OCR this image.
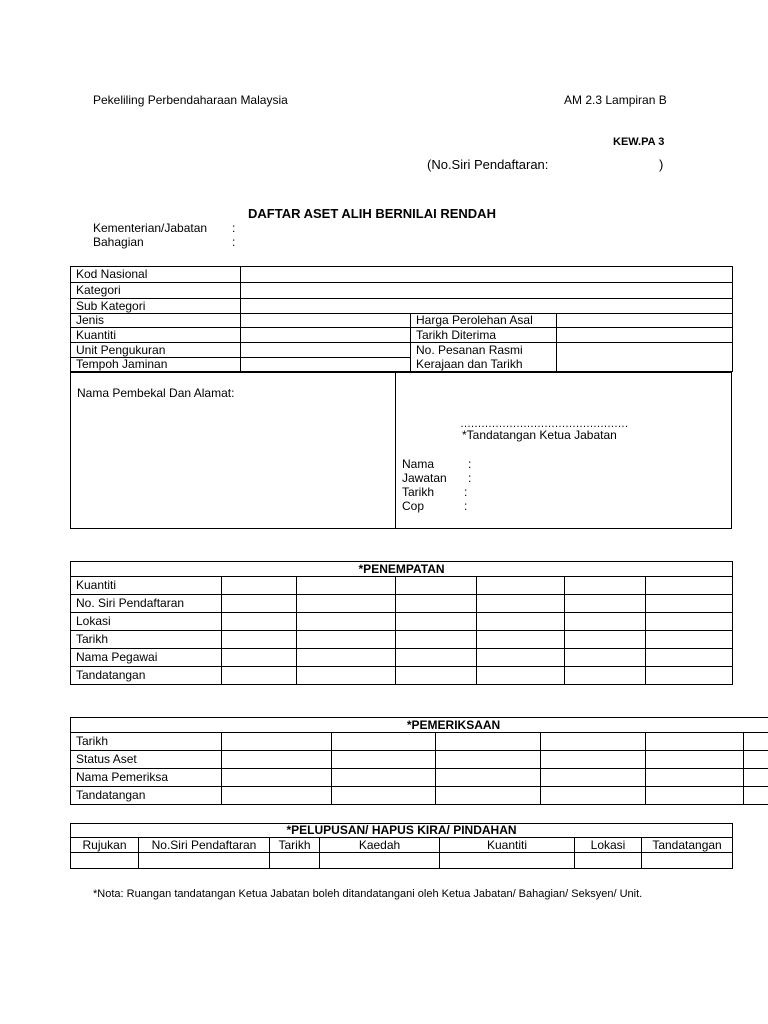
Pekeliling Perbendaharaan Malaysia	AM 2.3 Lampiran B
KEW.PA 3
(No.Siri Pendaftaran:	)
DAFTAR ASET ALIH BERNILAI RENDAH
Kementerian/Jabatan :
Bahagian	:
Kod Nasional			
Kategori			
Sub Kategori			
Jenis		Harga Perolehan Asal	
Kuantiti		Tarikh Diterima	
Unit Pengukuran		No. Pesanan Rasmi
Kerajaan dan Tarikh	
Tempoh Jaminan			
Nama Pembekal Dan Alamat:
…………………………………………
*Tandatangan Ketua Jabatan
Nama	:
Jawatan :
Tarikh :
Cop	:
*PENEMPATAN						
Kuantiti						
No. Siri Pendaftaran						
Lokasi						
Tarikh						
Nama Pegawai						
Tandatangan						
*PEMERIKSAAN						
Tarikh						
Status Aset						
Nama Pemeriksa						
Tandatangan						
*PELUPUSAN/ HAPUS KIRA/ PINDAHAN						
Rujukan	No.Siri Pendaftaran	Tarikh	Kaedah	Kuantiti	Lokasi	Tandatangan

*Nota: Ruangan tandatangan Ketua Jabatan boleh ditandatangani oleh Ketua Jabatan/ Bahagian/ Seksyen/ Unit.
